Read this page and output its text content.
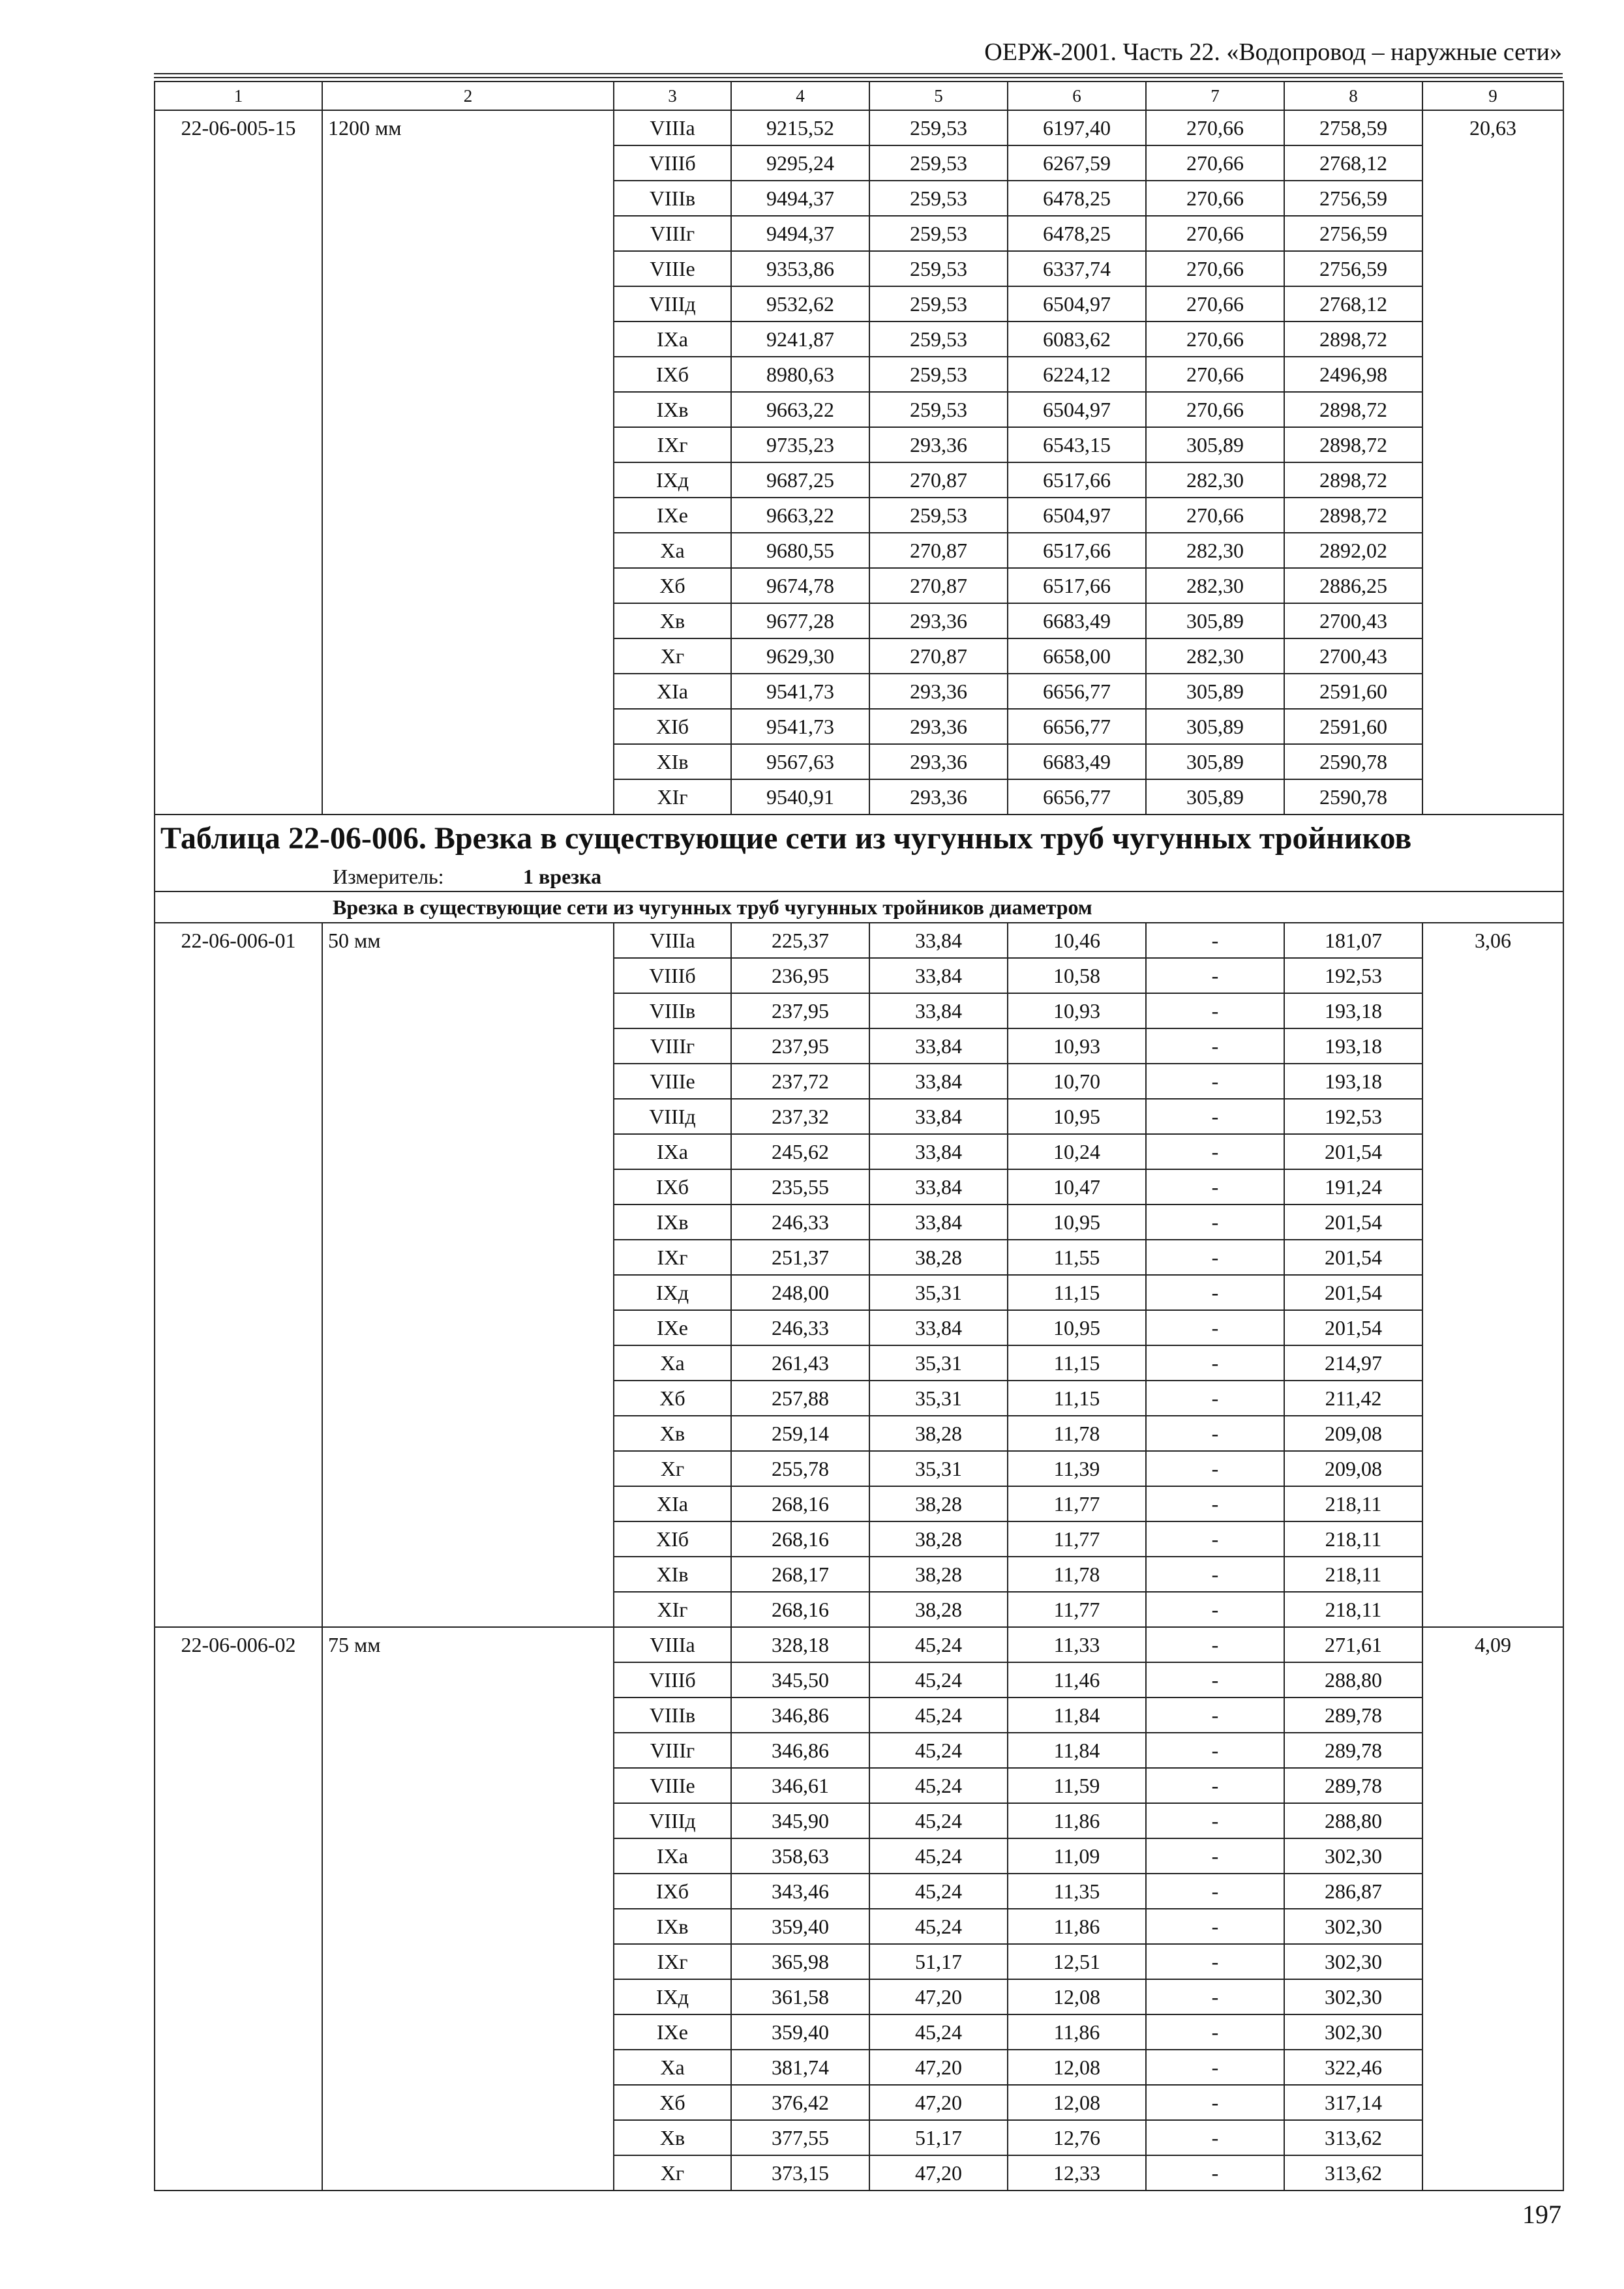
ОЕРЖ-2001. Часть 22. «Водопровод – наружные сети»
1	2	3	4	5	6	7	8	9
22-06-005-15	1200 мм	VIIIa	9215,52	259,53	6197,40	270,66	2758,59	20,63
		VIIIб	9295,24	259,53	6267,59	270,66	2768,12	
		VIIIв	9494,37	259,53	6478,25	270,66	2756,59	
		VIIIг	9494,37	259,53	6478,25	270,66	2756,59	
		VIIIе	9353,86	259,53	6337,74	270,66	2756,59	
		VIIIд	9532,62	259,53	6504,97	270,66	2768,12	
		IXa	9241,87	259,53	6083,62	270,66	2898,72	
		IXб	8980,63	259,53	6224,12	270,66	2496,98	
		IXв	9663,22	259,53	6504,97	270,66	2898,72	
		IXг	9735,23	293,36	6543,15	305,89	2898,72	
		IXд	9687,25	270,87	6517,66	282,30	2898,72	
		IXе	9663,22	259,53	6504,97	270,66	2898,72	
		Xa	9680,55	270,87	6517,66	282,30	2892,02	
		Xб	9674,78	270,87	6517,66	282,30	2886,25	
		Xв	9677,28	293,36	6683,49	305,89	2700,43	
		Xг	9629,30	270,87	6658,00	282,30	2700,43	
		XIa	9541,73	293,36	6656,77	305,89	2591,60	
		XIб	9541,73	293,36	6656,77	305,89	2591,60	
		XIв	9567,63	293,36	6683,49	305,89	2590,78	
		XIг	9540,91	293,36	6656,77	305,89	2590,78	
Таблица 22-06-006. Врезка в существующие сети из чугунных труб чугунных тройников								
Измеритель: 1 врезка								
Врезка в существующие сети из чугунных труб чугунных тройников диаметром								
22-06-006-01	50 мм	VIIIa	225,37	33,84	10,46	-	181,07	3,06
		VIIIб	236,95	33,84	10,58	-	192,53	
		VIIIв	237,95	33,84	10,93	-	193,18	
		VIIIг	237,95	33,84	10,93	-	193,18	
		VIIIе	237,72	33,84	10,70	-	193,18	
		VIIIд	237,32	33,84	10,95	-	192,53	
		IXa	245,62	33,84	10,24	-	201,54	
		IXб	235,55	33,84	10,47	-	191,24	
		IXв	246,33	33,84	10,95	-	201,54	
		IXг	251,37	38,28	11,55	-	201,54	
		IXд	248,00	35,31	11,15	-	201,54	
		IXе	246,33	33,84	10,95	-	201,54	
		Xa	261,43	35,31	11,15	-	214,97	
		Xб	257,88	35,31	11,15	-	211,42	
		Xв	259,14	38,28	11,78	-	209,08	
		Xг	255,78	35,31	11,39	-	209,08	
		XIa	268,16	38,28	11,77	-	218,11	
		XIб	268,16	38,28	11,77	-	218,11	
		XIв	268,17	38,28	11,78	-	218,11	
		XIг	268,16	38,28	11,77	-	218,11	
22-06-006-02	75 мм	VIIIa	328,18	45,24	11,33	-	271,61	4,09
		VIIIб	345,50	45,24	11,46	-	288,80	
		VIIIв	346,86	45,24	11,84	-	289,78	
		VIIIг	346,86	45,24	11,84	-	289,78	
		VIIIе	346,61	45,24	11,59	-	289,78	
		VIIIд	345,90	45,24	11,86	-	288,80	
		IXa	358,63	45,24	11,09	-	302,30	
		IXб	343,46	45,24	11,35	-	286,87	
		IXв	359,40	45,24	11,86	-	302,30	
		IXг	365,98	51,17	12,51	-	302,30	
		IXд	361,58	47,20	12,08	-	302,30	
		IXе	359,40	45,24	11,86	-	302,30	
		Xa	381,74	47,20	12,08	-	322,46	
		Xб	376,42	47,20	12,08	-	317,14	
		Xв	377,55	51,17	12,76	-	313,62	
		Xг	373,15	47,20	12,33	-	313,62	
197
